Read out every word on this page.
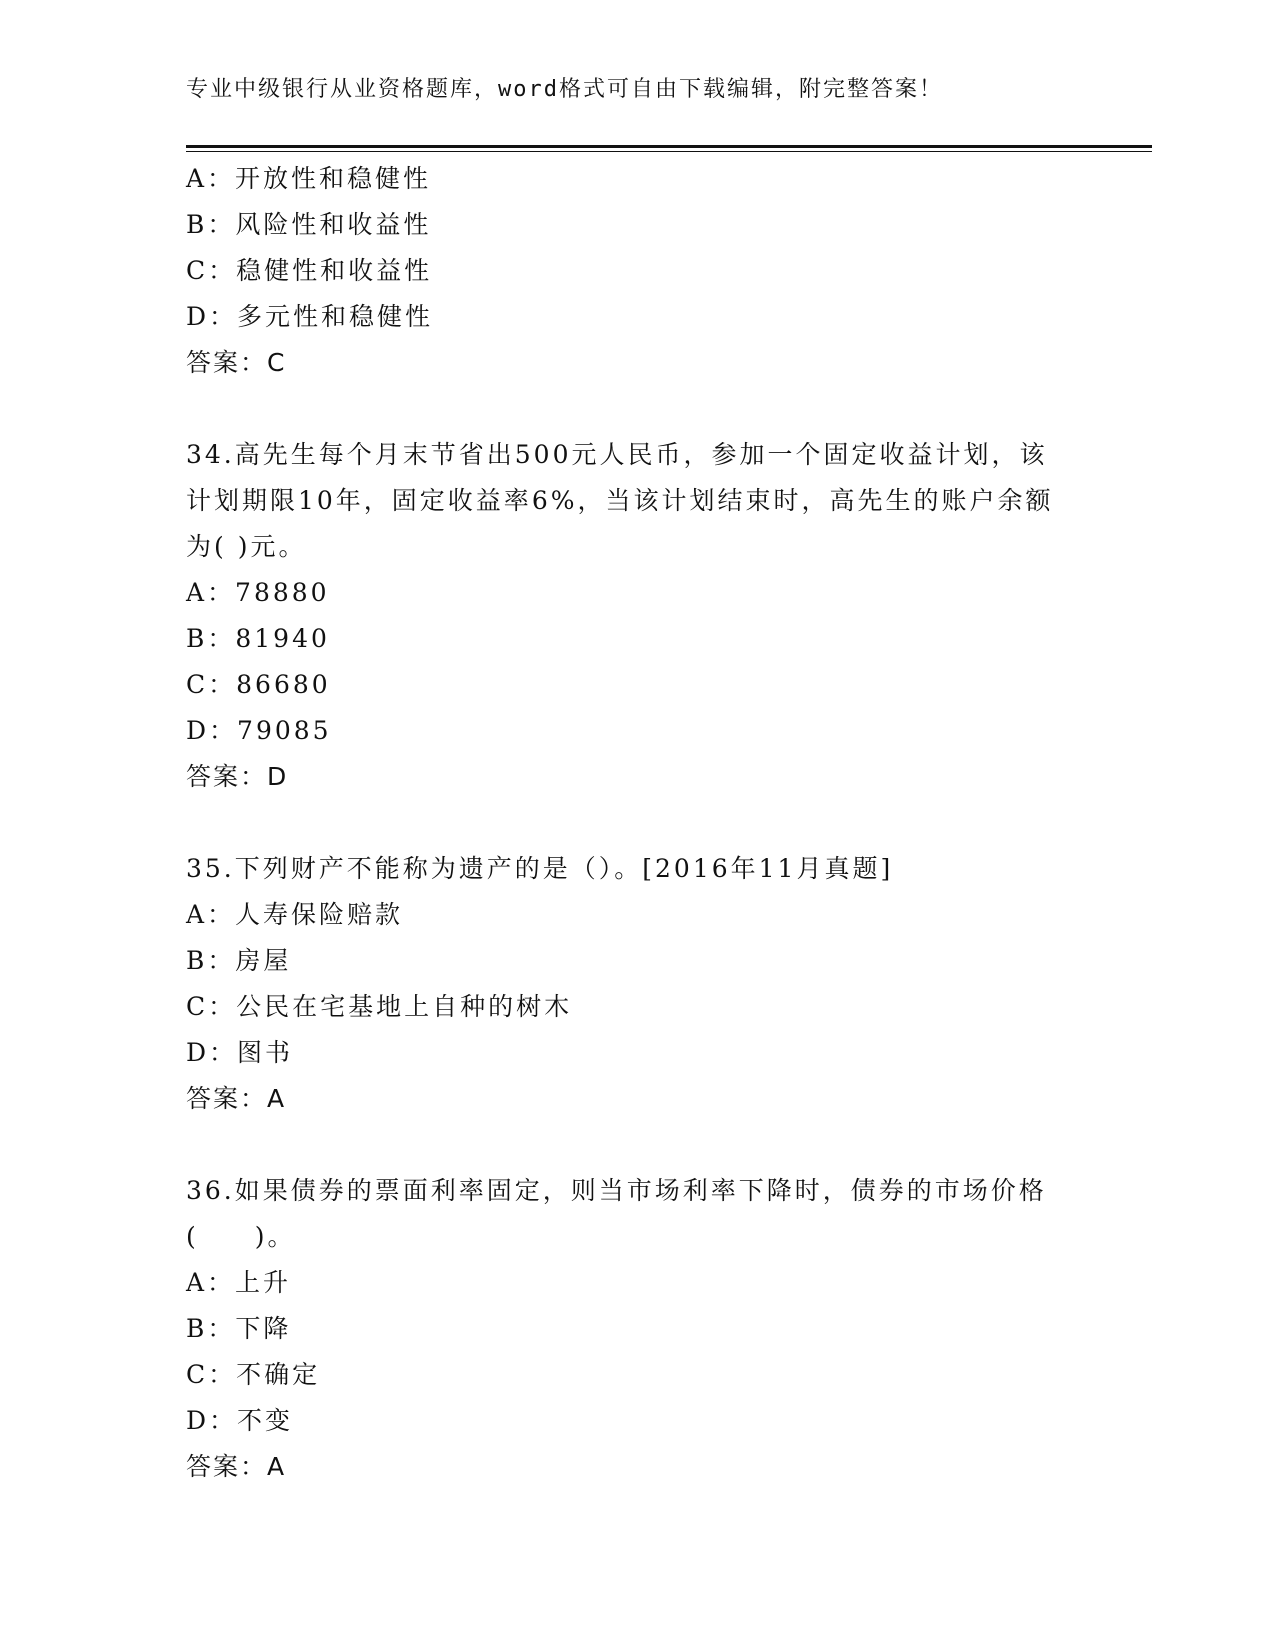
专业中级银行从业资格题库，word格式可自由下载编辑，附完整答案！
A：开放性和稳健性
B：风险性和收益性
C：稳健性和收益性
D：多元性和稳健性
答案：C
34.高先生每个月末节省出500元人民币，参加一个固定收益计划，该
计划期限10年，固定收益率6%，当该计划结束时，高先生的账户余额
为( )元。
A：78880
B：81940
C：86680
D：79085
答案：D
35.下列财产不能称为遗产的是（）。[2016年11月真题]
A：人寿保险赔款
B：房屋
C：公民在宅基地上自种的树木
D：图书
答案：A
36.如果债券的票面利率固定，则当市场利率下降时，债券的市场价格
(　　)。
A：上升
B：下降
C：不确定
D：不变
答案：A
